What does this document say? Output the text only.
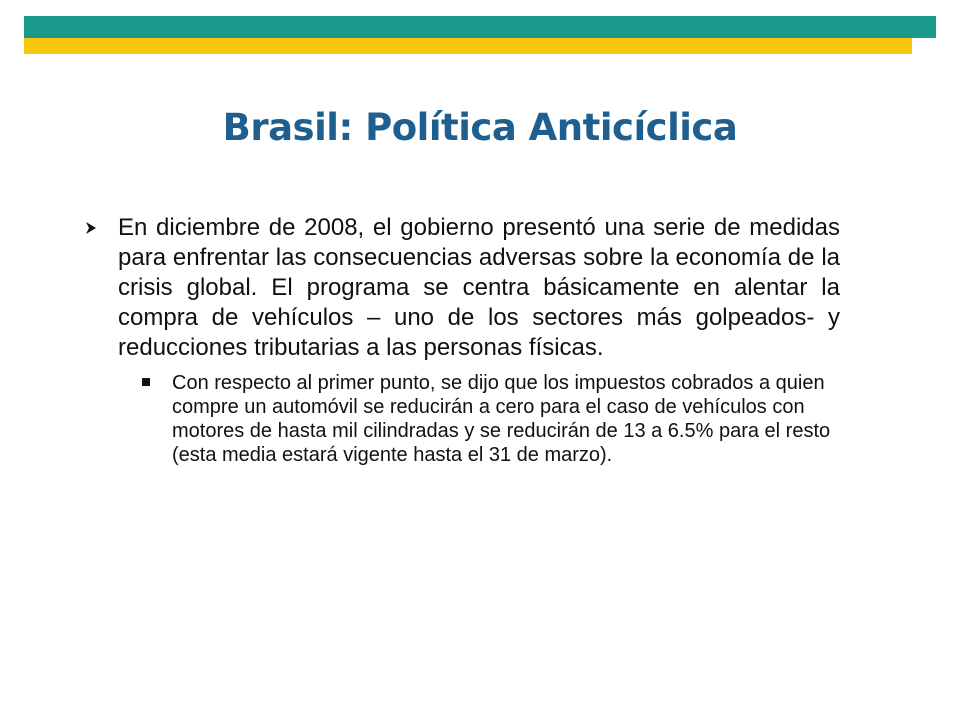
Brasil: Política Anticíclica
En diciembre de 2008, el gobierno presentó una serie de medidas para enfrentar las consecuencias adversas sobre la economía de la crisis global. El programa se centra básicamente en alentar la compra de vehículos – uno de los sectores más golpeados- y reducciones tributarias a las personas físicas.
Con respecto al primer punto, se dijo que los impuestos cobrados a quien compre un automóvil se reducirán a cero para el caso de vehículos con motores de hasta mil cilindradas y se reducirán de 13 a 6.5% para el resto (esta media estará vigente hasta el 31 de marzo).
